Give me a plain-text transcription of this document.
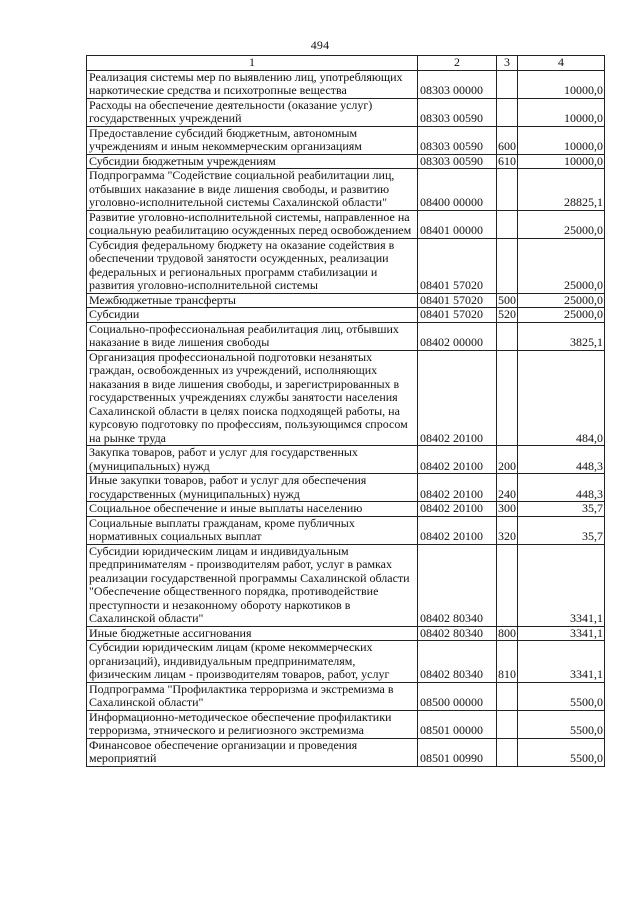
494
1	2	3	4
Реализация системы мер по выявлению лиц, употребляющих наркотические средства и психотропные вещества	08303 00000		10000,0
Расходы на обеспечение деятельности (оказание услуг) государственных учреждений	08303 00590		10000,0
Предоставление субсидий бюджетным, автономным учреждениям и иным некоммерческим организациям	08303 00590	600	10000,0
Субсидии бюджетным учреждениям	08303 00590	610	10000,0
Подпрограмма "Содействие социальной реабилитации лиц, отбывших наказание в виде лишения свободы, и развитию уголовно-исполнительной системы Сахалинской области"	08400 00000		28825,1
Развитие уголовно-исполнительной системы, направленное на социальную реабилитацию осужденных перед освобождением	08401 00000		25000,0
Субсидия федеральному бюджету на оказание содействия в обеспечении трудовой занятости осужденных, реализации федеральных и региональных программ стабилизации и развития уголовно-исполнительной системы	08401 57020		25000,0
Межбюджетные трансферты	08401 57020	500	25000,0
Субсидии	08401 57020	520	25000,0
Социально-профессиональная реабилитация лиц, отбывших наказание в виде лишения свободы	08402 00000		3825,1
Организация профессиональной подготовки незанятых граждан, освобожденных из учреждений, исполняющих наказания в виде лишения свободы, и зарегистрированных в государственных учреждениях службы занятости населения Сахалинской области в целях поиска подходящей работы, на курсовую подготовку по профессиям, пользующимся спросом на рынке труда	08402 20100		484,0
Закупка товаров, работ и услуг для государственных (муниципальных) нужд	08402 20100	200	448,3
Иные закупки товаров, работ и услуг для обеспечения государственных (муниципальных) нужд	08402 20100	240	448,3
Социальное обеспечение и иные выплаты населению	08402 20100	300	35,7
Социальные выплаты гражданам, кроме публичных нормативных социальных выплат	08402 20100	320	35,7
Субсидии юридическим лицам и индивидуальным предпринимателям - производителям работ, услуг в рамках реализации государственной программы Сахалинской области "Обеспечение общественного порядка, противодействие преступности и незаконному обороту наркотиков в Сахалинской области"	08402 80340		3341,1
Иные бюджетные ассигнования	08402 80340	800	3341,1
Субсидии юридическим лицам (кроме некоммерческих организаций), индивидуальным предпринимателям, физическим лицам - производителям товаров, работ, услуг	08402 80340	810	3341,1
Подпрограмма "Профилактика терроризма и экстремизма в Сахалинской области"	08500 00000		5500,0
Информационно-методическое обеспечение профилактики терроризма, этнического и религиозного экстремизма	08501 00000		5500,0
Финансовое обеспечение организации и проведения мероприятий	08501 00990		5500,0
